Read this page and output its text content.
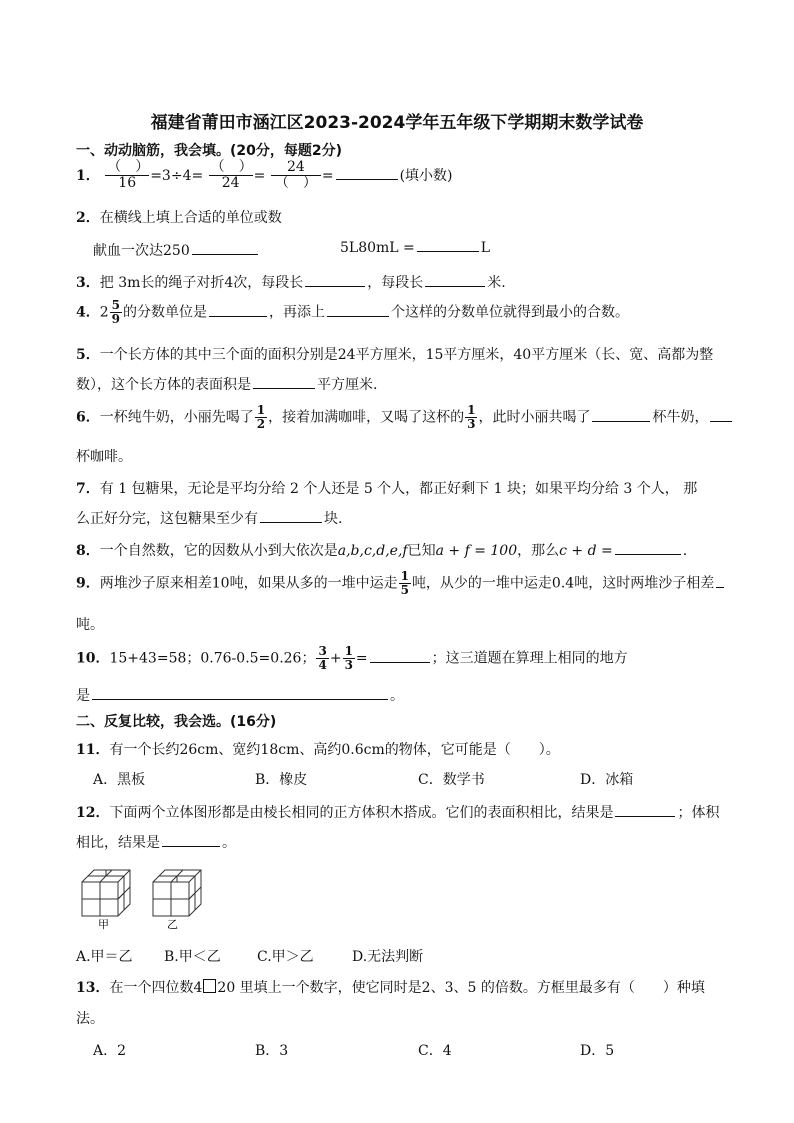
福建省莆田市涵江区2023-2024学年五年级下学期期末数学试卷
一、动动脑筋，我会填。(20分，每题2分)
1． $\frac{( )}{16} =3\div 4= \frac{( )}{24} = \frac{24}{( )}$ =	(填小数)
2．在横线上填上合适的单位或数
献血一次达250	5L80mL =	L
3．把 3m长的绳子对折4次，每段长	，每段长	米.
4．$2 \frac{5}{9}$ 的分数单位是	，再添上	个这样的分数单位就得到最小的合数。
5．一个长方体的其中三个面的面积分别是24平方厘米，15平方厘米，40平方厘米（长、宽、高都为整
数），这个长方体的表面积是	平方厘米.
6．一杯纯牛奶，小丽先喝了 $\frac{1}{2}$ ，接着加满咖啡，又喝了这杯的 $\frac{1}{3}$ ，此时小丽共喝了	杯牛奶，
杯咖啡。
7．有 1 包糖果，无论是平均分给 2 个人还是 5 个人，都正好剩下 1 块；如果平均分给 3 个人， 那
么正好分完，这包糖果至少有	块.
8．一个自然数，它的因数从小到大依次是a,b,c,d,e,f已知a + f = 100，那么c + d =	.
9．两堆沙子原来相差10吨，如果从多的一堆中运走 $\frac{1}{5}$ 吨，从少的一堆中运走0.4吨，这时两堆沙子相差
吨。
10．15+43=58；0.76-0.5=0.26； $\frac{3}{4} + \frac{1}{3}$ =	；这三道题在算理上相同的地方
是	。
二、反复比较，我会选。(16分)
11．有一个长约26cm、宽约18cm、高约0.6cm的物体，它可能是（　　）。
A．黑板	B．橡皮	C．数学书	D．冰箱
12．下面两个立体图形都是由棱长相同的正方体积木搭成。它们的表面积相比，结果是	；体积
相比，结果是	。
甲	乙
A.甲＝乙 B.甲＜乙	C.甲＞乙	D.无法判断
13．在一个四位数4 20 里填上一个数字，使它同时是2、3、5 的倍数。方框里最多有（　　）种填
法。
A．2	B．3	C．4	D．5
